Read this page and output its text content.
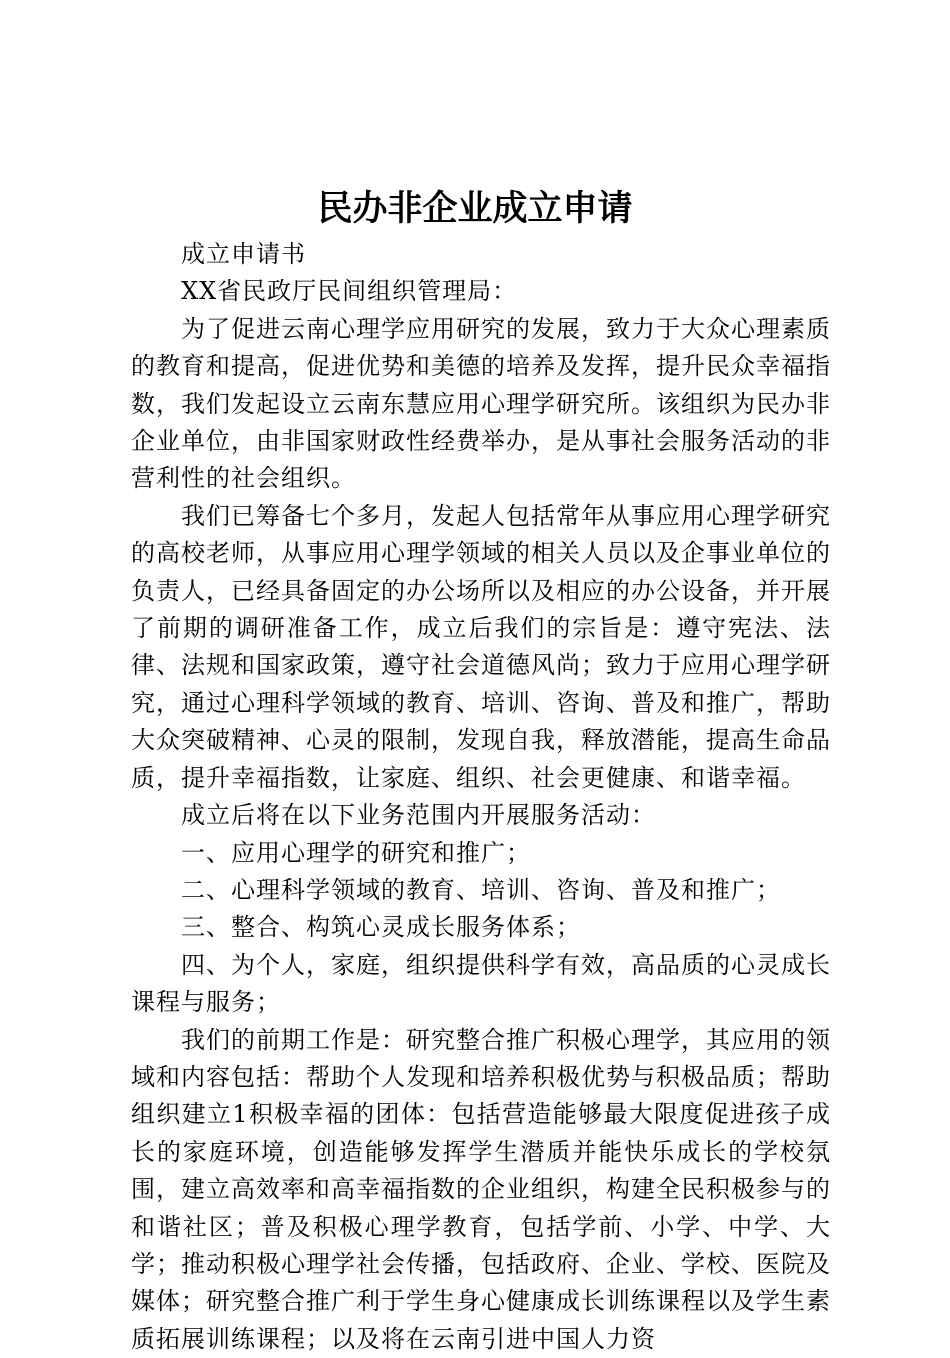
民办非企业成立申请

成立申请书

XX省民政厅民间组织管理局：

为了促进云南心理学应用研究的发展，致力于大众心理素质的教育和提高，促进优势和美德的培养及发挥，提升民众幸福指数，我们发起设立云南东慧应用心理学研究所。该组织为民办非企业单位，由非国家财政性经费举办，是从事社会服务活动的非营利性的社会组织。

我们已筹备七个多月，发起人包括常年从事应用心理学研究的高校老师，从事应用心理学领域的相关人员以及企事业单位的负责人，已经具备固定的办公场所以及相应的办公设备，并开展了前期的调研准备工作，成立后我们的宗旨是：遵守宪法、法律、法规和国家政策，遵守社会道德风尚；致力于应用心理学研究，通过心理科学领域的教育、培训、咨询、普及和推广，帮助大众突破精神、心灵的限制，发现自我，释放潜能，提高生命品质，提升幸福指数，让家庭、组织、社会更健康、和谐幸福。

成立后将在以下业务范围内开展服务活动：

一、应用心理学的研究和推广；

二、心理科学领域的教育、培训、咨询、普及和推广；

三、整合、构筑心灵成长服务体系；

四、为个人，家庭，组织提供科学有效，高品质的心灵成长课程与服务；

我们的前期工作是：研究整合推广积极心理学，其应用的领域和内容包括：帮助个人发现和培养积极优势与积极品质；帮助组织建立1积极幸福的团体：包括营造能够最大限度促进孩子成长的家庭环境，创造能够发挥学生潜质并能快乐成长的学校氛围，建立高效率和高幸福指数的企业组织，构建全民积极参与的和谐社区；普及积极心理学教育，包括学前、小学、中学、大学；推动积极心理学社会传播，包括政府、企业、学校、医院及媒体；研究整合推广利于学生身心健康成长训练课程以及学生素质拓展训练课程；以及将在云南引进中国人力资
